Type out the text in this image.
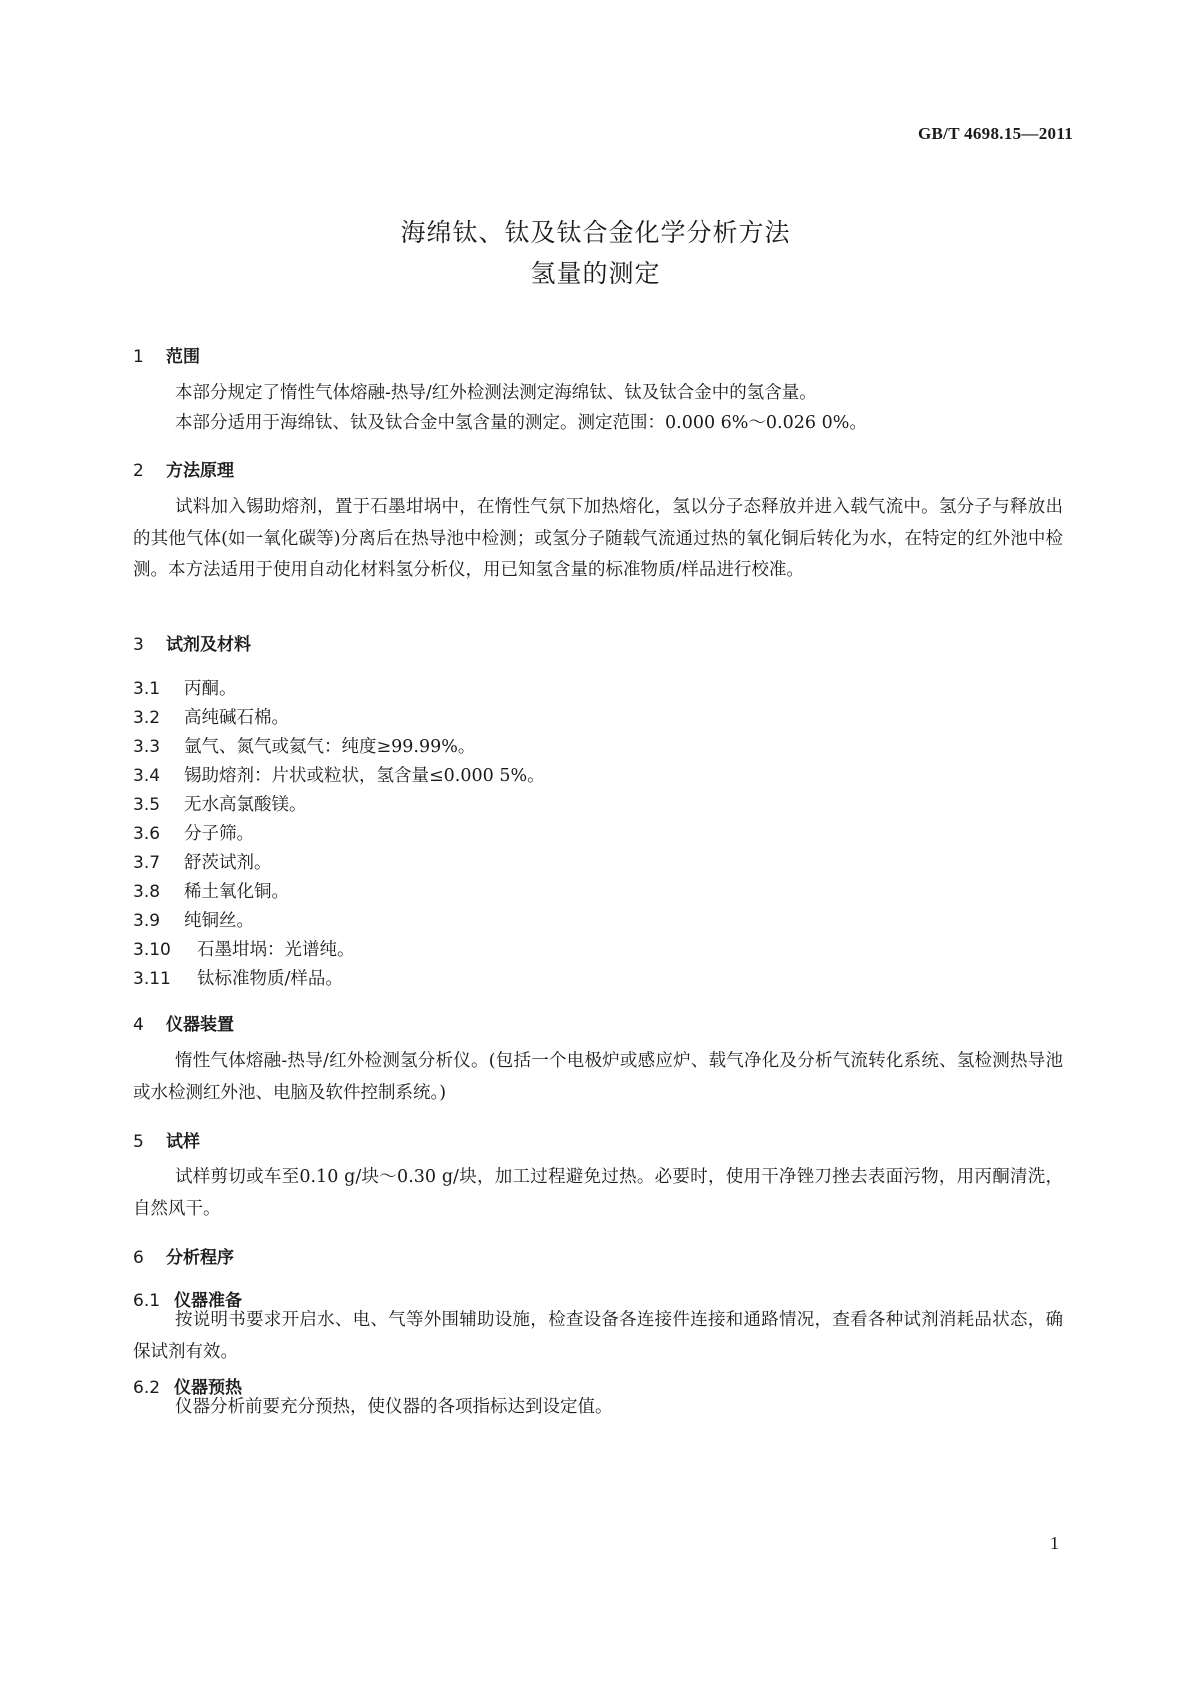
GB/T 4698.15—2011
海绵钛、钛及钛合金化学分析方法
氢量的测定
1 范围
本部分规定了惰性气体熔融-热导/红外检测法测定海绵钛、钛及钛合金中的氢含量。
本部分适用于海绵钛、钛及钛合金中氢含量的测定。测定范围：0.000 6%～0.026 0%。
2 方法原理
试料加入锡助熔剂，置于石墨坩埚中，在惰性气氛下加热熔化，氢以分子态释放并进入载气流中。氢分子与释放出的其他气体(如一氧化碳等)分离后在热导池中检测；或氢分子随载气流通过热的氧化铜后转化为水，在特定的红外池中检测。本方法适用于使用自动化材料氢分析仪，用已知氢含量的标准物质/样品进行校准。
3 试剂及材料
3.1 丙酮。
3.2 高纯碱石棉。
3.3 氩气、氮气或氦气：纯度≥99.99%。
3.4 锡助熔剂：片状或粒状，氢含量≤0.000 5%。
3.5 无水高氯酸镁。
3.6 分子筛。
3.7 舒茨试剂。
3.8 稀土氧化铜。
3.9 纯铜丝。
3.10 石墨坩埚：光谱纯。
3.11 钛标准物质/样品。
4 仪器装置
惰性气体熔融-热导/红外检测氢分析仪。(包括一个电极炉或感应炉、载气净化及分析气流转化系统、氢检测热导池或水检测红外池、电脑及软件控制系统。)
5 试样
试样剪切或车至0.10 g/块～0.30 g/块，加工过程避免过热。必要时，使用干净锉刀挫去表面污物，用丙酮清洗，自然风干。
6 分析程序
6.1 仪器准备
按说明书要求开启水、电、气等外围辅助设施，检查设备各连接件连接和通路情况，查看各种试剂消耗品状态，确保试剂有效。
6.2 仪器预热
仪器分析前要充分预热，使仪器的各项指标达到设定值。
1
